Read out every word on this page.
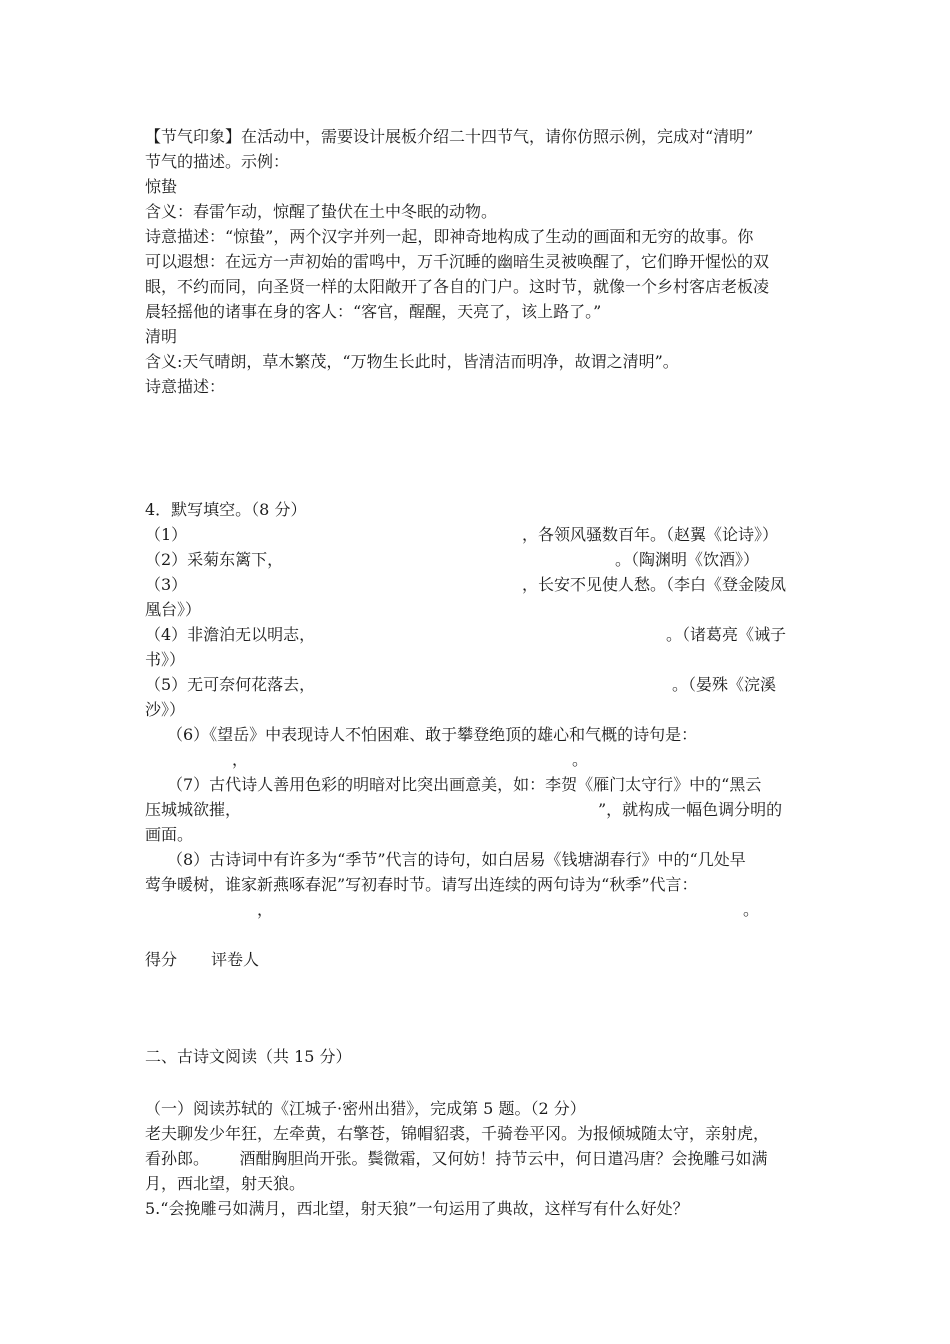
【节气印象】在活动中，需要设计展板介绍二十四节气，请你仿照示例，完成对“清明”
节气的描述。示例：
惊蛰
含义：春雷乍动，惊醒了蛰伏在土中冬眠的动物。
诗意描述：“惊蛰”，两个汉字并列一起，即神奇地构成了生动的画面和无穷的故事。你
可以遐想：在远方一声初始的雷鸣中，万千沉睡的幽暗生灵被唤醒了，它们睁开惺忪的双
眼，不约而同，向圣贤一样的太阳敞开了各自的门户。这时节，就像一个乡村客店老板凌
晨轻摇他的诸事在身的客人：“客官，醒醒，天亮了，该上路了。”
清明
含义:天气晴朗，草木繁茂，“万物生长此时，皆清洁而明净，故谓之清明”。
诗意描述：
4．默写填空。（8 分）
（1）	，各领风骚数百年。（赵翼《论诗》）
（2）采菊东篱下，	。（陶渊明《饮酒》）
（3）	，长安不见使人愁。（李白《登金陵凤
凰台》）
（4）非澹泊无以明志，	。（诸葛亮《诫子
书》）
（5）无可奈何花落去，	。（晏殊《浣溪
沙》）
（6）《望岳》中表现诗人不怕困难、敢于攀登绝顶的雄心和气概的诗句是：
，	。
（7）古代诗人善用色彩的明暗对比突出画意美，如：李贺《雁门太守行》中的“黑云
压城城欲摧，	”，就构成一幅色调分明的
画面。
（8）古诗词中有许多为“季节”代言的诗句，如白居易《钱塘湖春行》中的“几处早
莺争暖树，谁家新燕啄春泥”写初春时节。请写出连续的两句诗为“秋季”代言：
，	。
得分 评卷人
二、古诗文阅读（共 15 分）
（一）阅读苏轼的《江城子·密州出猎》，完成第 5 题。（2 分）
老夫聊发少年狂，左牵黄，右擎苍，锦帽貂裘，千骑卷平冈。为报倾城随太守，亲射虎，
看孙郎。      酒酣胸胆尚开张。鬓微霜，又何妨！持节云中，何日遣冯唐？会挽雕弓如满
月，西北望，射天狼。
5.“会挽雕弓如满月，西北望，射天狼”一句运用了典故，这样写有什么好处？
